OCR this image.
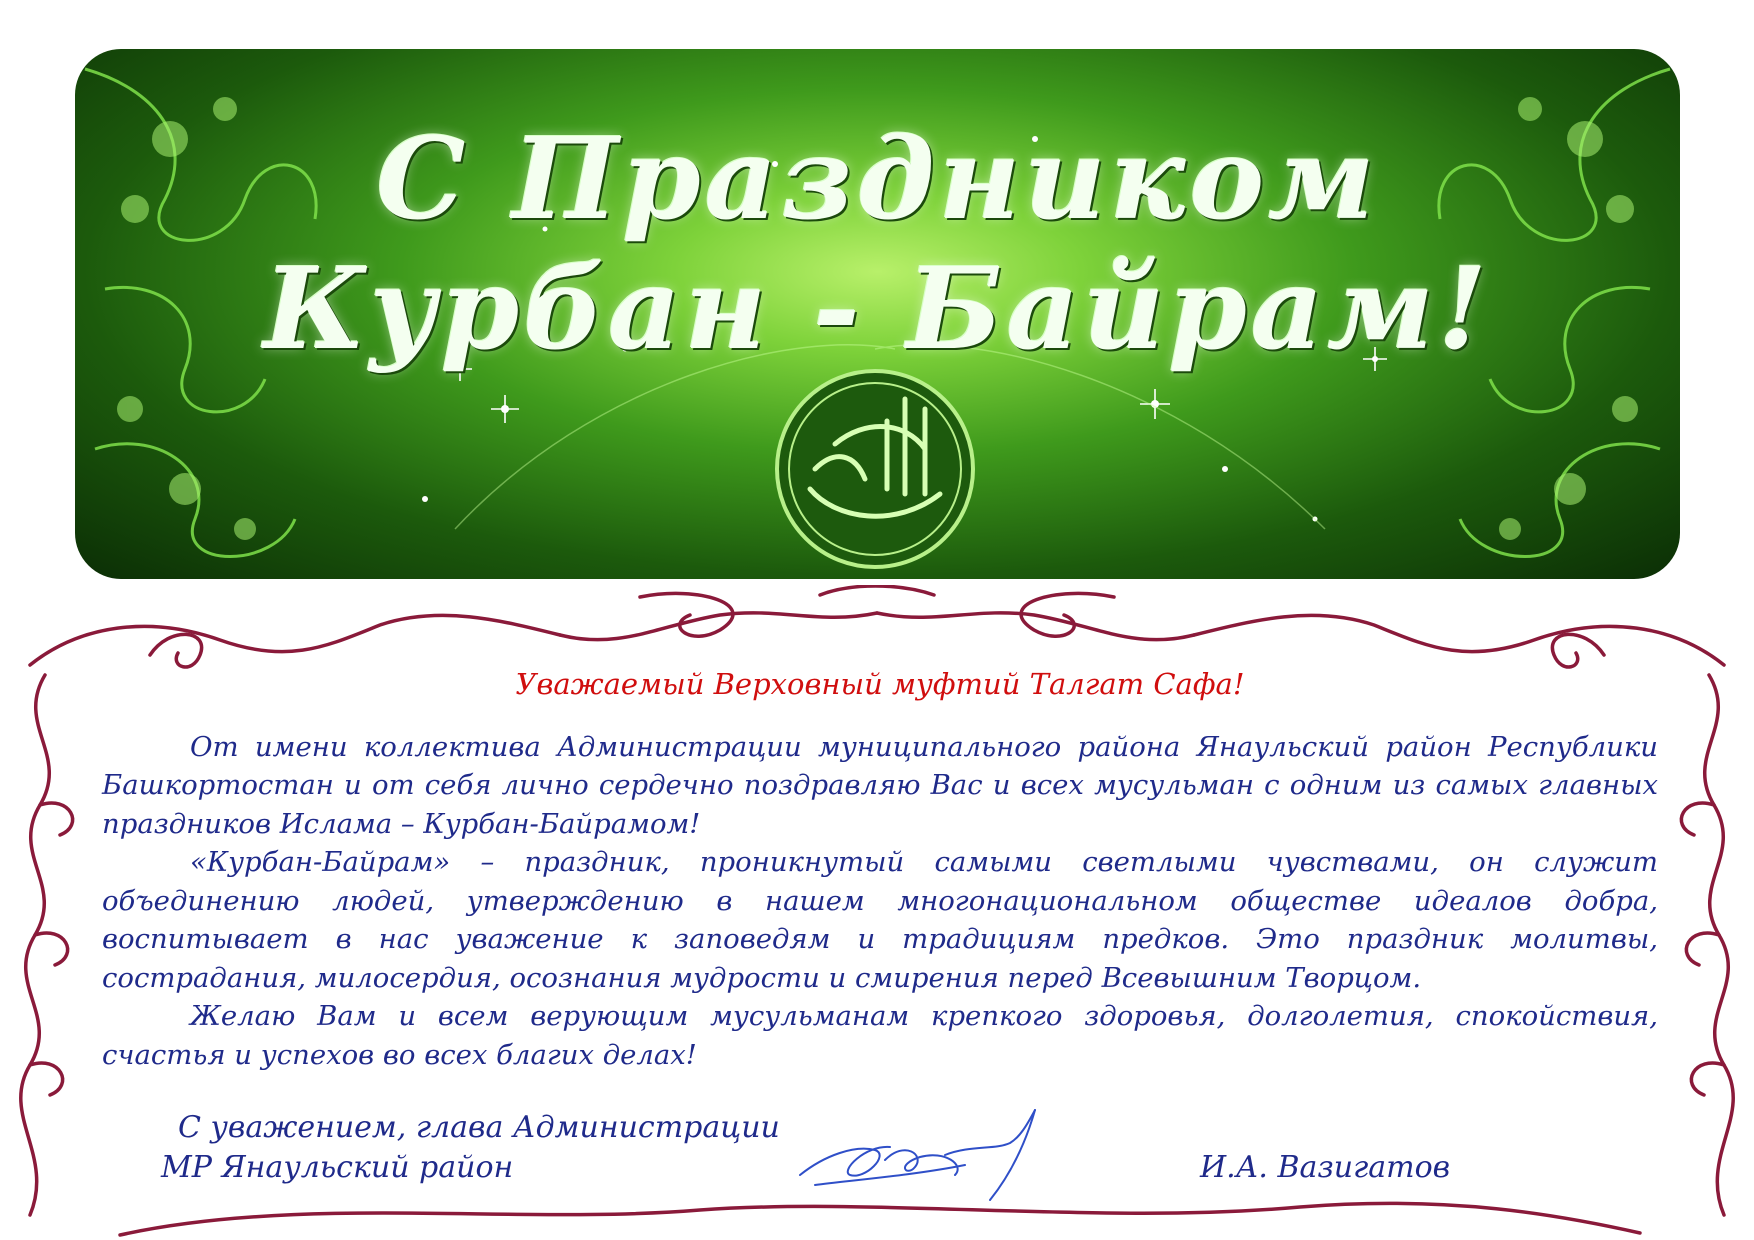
С Праздником
Курбан - Байрам!

Уважаемый Верховный муфтий Талгат Сафа!

От имени коллектива Администрации муниципального района Янаульский район Республики Башкортостан и от себя лично сердечно поздравляю Вас и всех мусульман с одним из самых главных праздников Ислама – Курбан-Байрамом!

«Курбан-Байрам» – праздник, проникнутый самыми светлыми чувствами, он служит объединению людей, утверждению в нашем многонациональном обществе идеалов добра, воспитывает в нас уважение к заповедям и традициям предков. Это праздник молитвы, сострадания, милосердия, осознания мудрости и смирения перед Всевышним Творцом.

Желаю Вам и всем верующим мусульманам крепкого здоровья, долголетия, спокойствия, счастья и успехов во всех благих делах!

С уважением, глава Администрации
МР Янаульский район	И.А. Вазигатов
